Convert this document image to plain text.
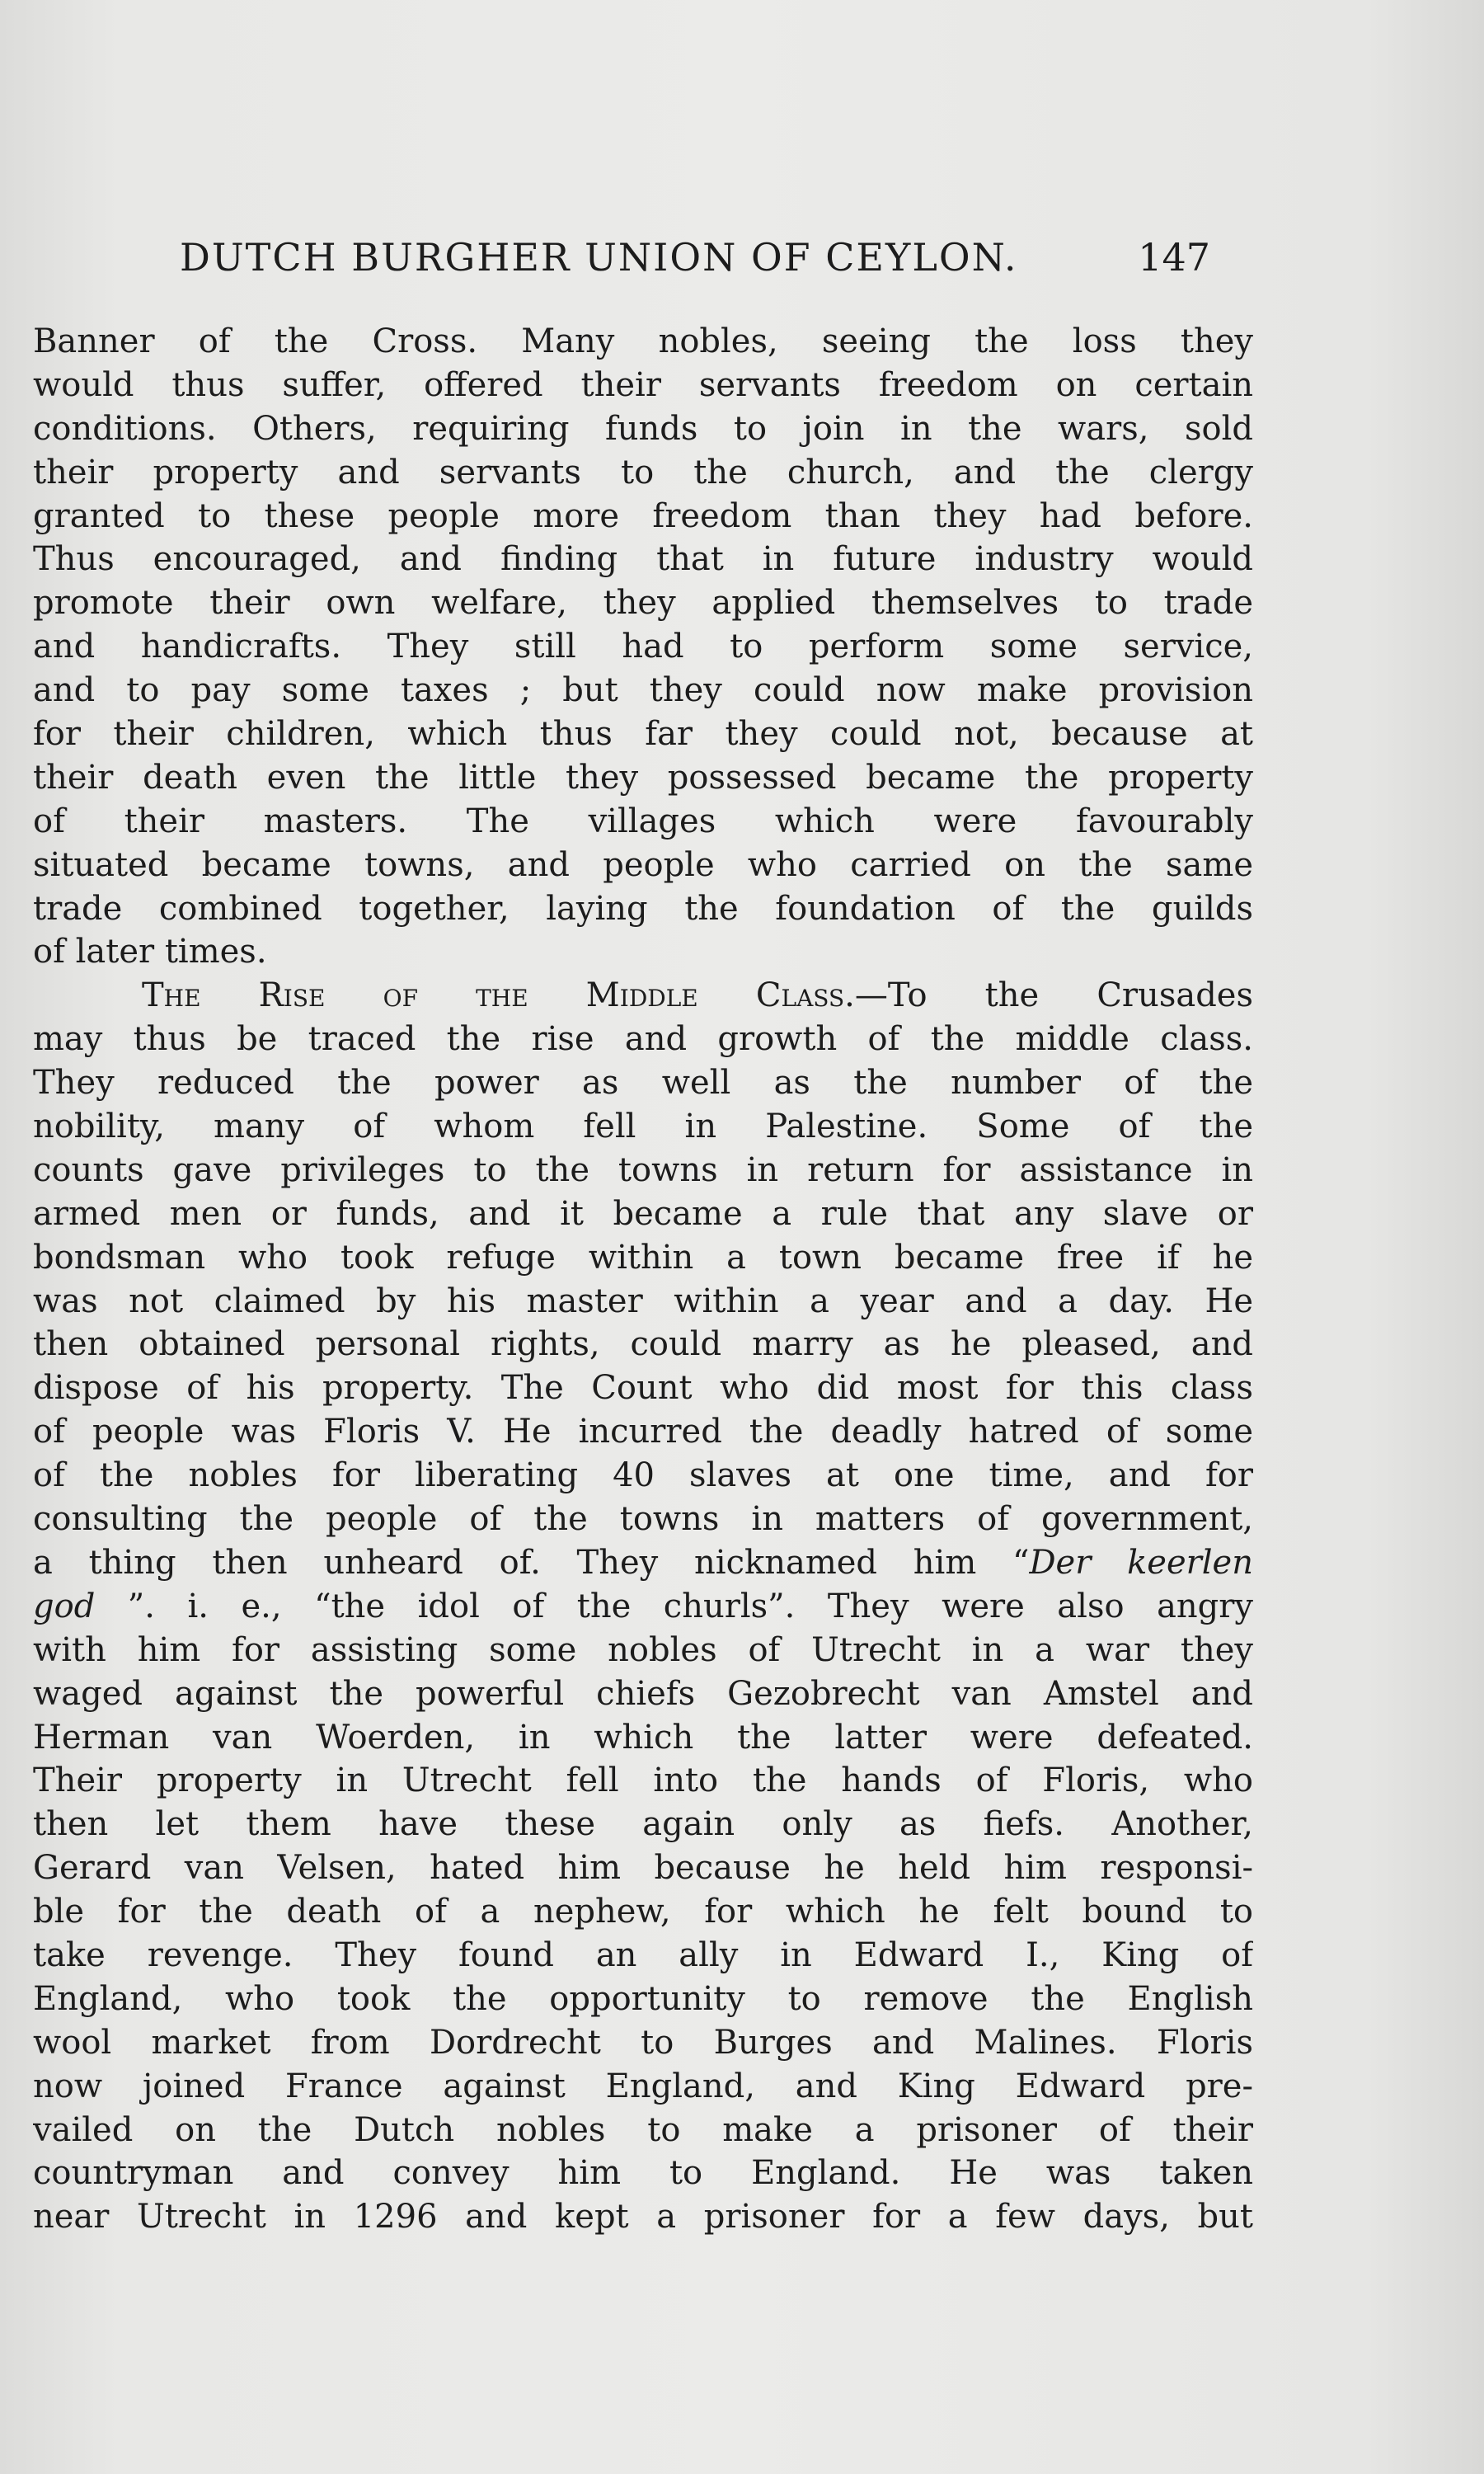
DUTCH BURGHER UNION OF CEYLON.	147
Banner of the Cross. Many nobles, seeing the loss they
would thus suffer, offered their servants freedom on certain
conditions. Others, requiring funds to join in the wars, sold
their property and servants to the church, and the clergy
granted to these people more freedom than they had before.
Thus encouraged, and finding that in future industry would
promote their own welfare, they applied themselves to trade
and handicrafts. They still had to perform some service,
and to pay some taxes ; but they could now make provision
for their children, which thus far they could not, because at
their death even the little they possessed became the property
of their masters. The villages which were favourably
situated became towns, and people who carried on the same
trade combined together, laying the foundation of the guilds
of later times.
The Rise of the Middle Class.—To the Crusades
may thus be traced the rise and growth of the middle class.
They reduced the power as well as the number of the
nobility, many of whom fell in Palestine. Some of the
counts gave privileges to the towns in return for assistance in
armed men or funds, and it became a rule that any slave or
bondsman who took refuge within a town became free if he
was not claimed by his master within a year and a day. He
then obtained personal rights, could marry as he pleased, and
dispose of his property. The Count who did most for this class
of people was Floris V. He incurred the deadly hatred of some
of the nobles for liberating 40 slaves at one time, and for
consulting the people of the towns in matters of government,
a thing then unheard of. They nicknamed him “Der keerlen
god ”. i. e., “the idol of the churls”. They were also angry
with him for assisting some nobles of Utrecht in a war they
waged against the powerful chiefs Gezobrecht van Amstel and
Herman van Woerden, in which the latter were defeated.
Their property in Utrecht fell into the hands of Floris, who
then let them have these again only as fiefs. Another,
Gerard van Velsen, hated him because he held him responsi-
ble for the death of a nephew, for which he felt bound to
take revenge. They found an ally in Edward I., King of
England, who took the opportunity to remove the English
wool market from Dordrecht to Burges and Malines. Floris
now joined France against England, and King Edward pre-
vailed on the Dutch nobles to make a prisoner of their
countryman and convey him to England. He was taken
near Utrecht in 1296 and kept a prisoner for a few days, but
